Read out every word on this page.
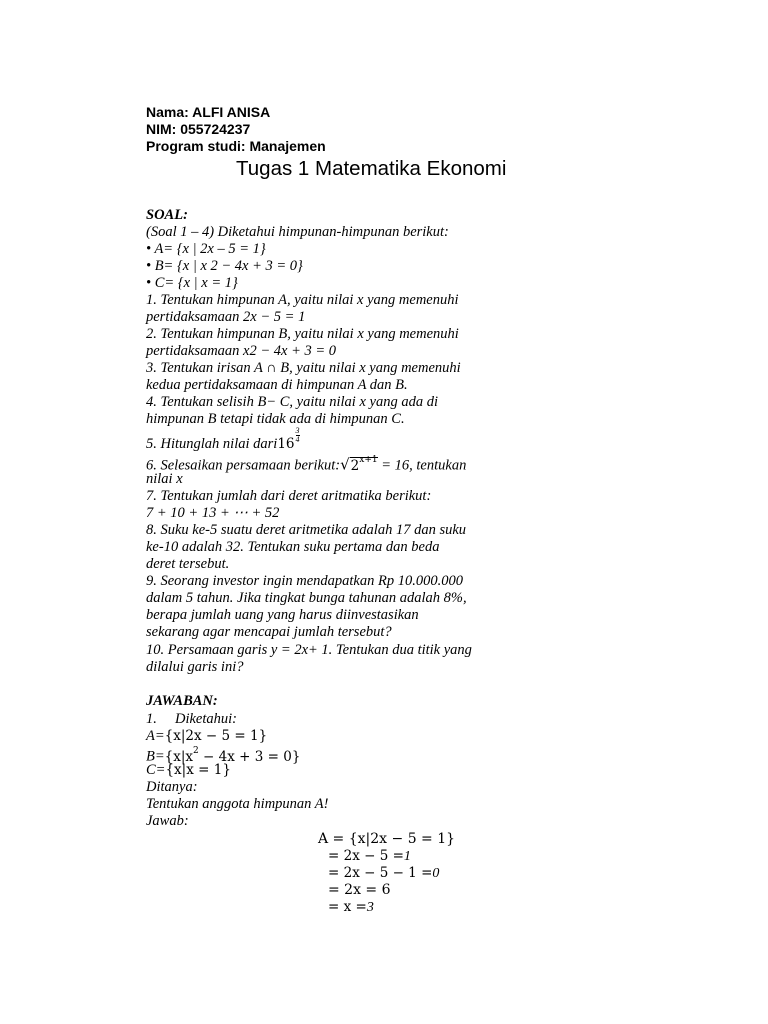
Nama: ALFI ANISA
NIM: 055724237
Program studi: Manajemen
Tugas 1 Matematika Ekonomi
SOAL:
(Soal 1 – 4) Diketahui himpunan-himpunan berikut:
• A= {x | 2x – 5 = 1}
• B= {x | x 2 − 4x + 3 = 0}
• C= {x | x = 1}
1. Tentukan himpunan A, yaitu nilai x yang memenuhi
pertidaksamaan 2x − 5 = 1
2. Tentukan himpunan B, yaitu nilai x yang memenuhi
pertidaksamaan x2 − 4x + 3 = 0
3. Tentukan irisan A ∩ B, yaitu nilai x yang memenuhi
kedua pertidaksamaan di himpunan A dan B.
4. Tentukan selisih B− C, yaitu nilai x yang ada di
himpunan B tetapi tidak ada di himpunan C.
5. Hitunglah nilai dari16 $\frac{3}{4}$
6. Selesaikan persamaan $berikut:√2^{x+1} = 16$, tentukan
nilai x
7. Tentukan jumlah dari deret aritmatika berikut:
7 + 10 + 13 + ⋯ + 52
8. Suku ke-5 suatu deret aritmetika adalah 17 dan suku
ke-10 adalah 32. Tentukan suku pertama dan beda
deret tersebut.
9. Seorang investor ingin mendapatkan Rp 10.000.000
dalam 5 tahun. Jika tingkat bunga tahunan adalah 8%,
berapa jumlah uang yang harus diinvestasikan
sekarang agar mencapai jumlah tersebut?
10. Persamaan garis y = 2x+ 1. Tentukan dua titik yang
dilalui garis ini?
JAWABAN:
1.     Diketahui:
A={x|2x − 5 = 1}
$B=\{x|x^2 - 4x + 3 = 0\}$
C={x|x = 1}
Ditanya:
Tentukan anggota himpunan A!
Jawab:
A = {x|2x − 5 = 1}
= 2x − 5 =1
= 2x − 5 − 1 =0
= 2x = 6
= x =3
